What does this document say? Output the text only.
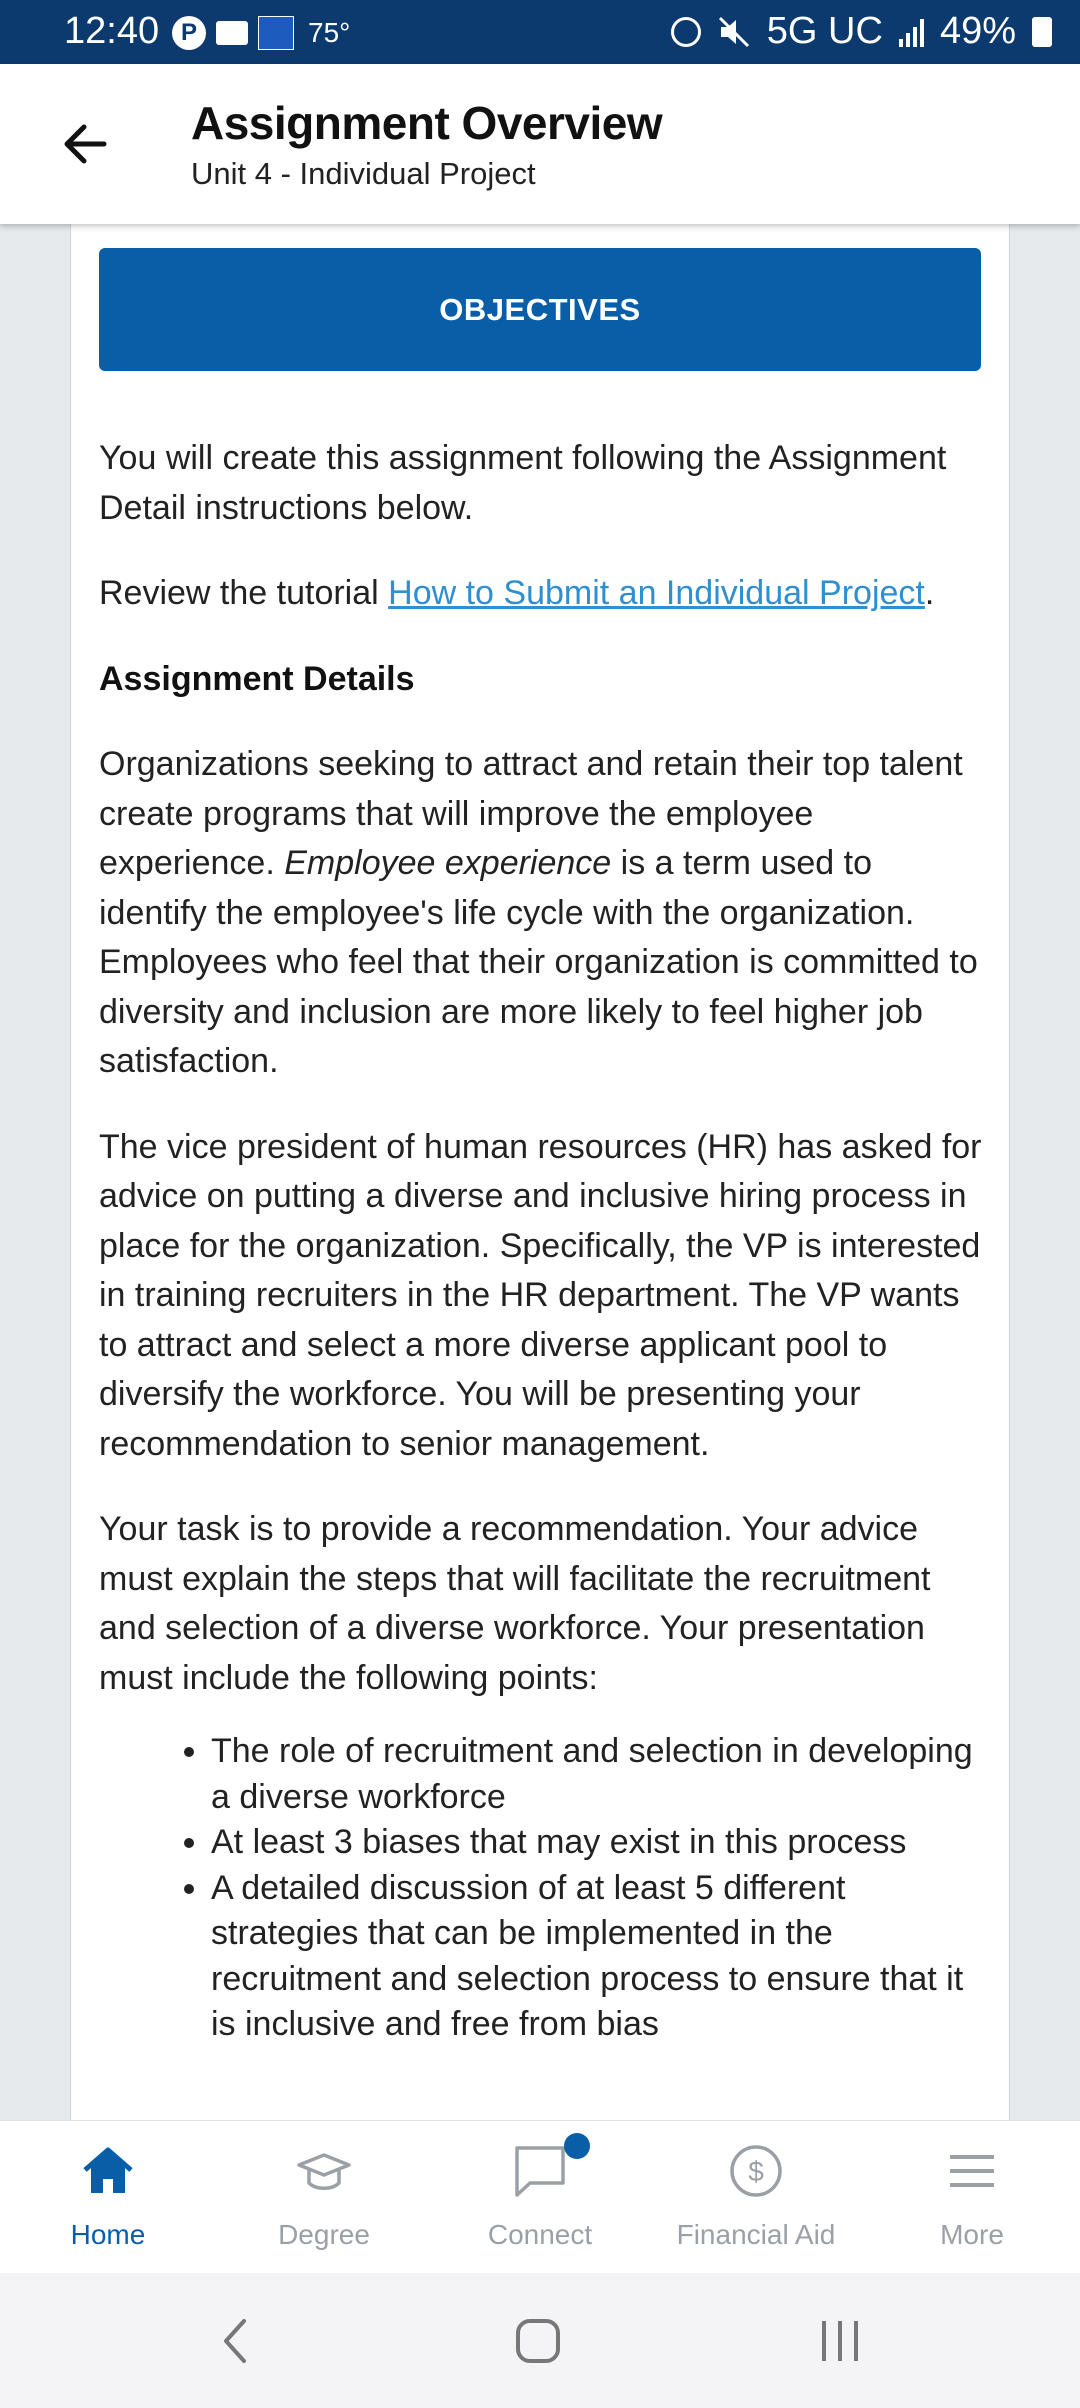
12:40 P	75°	5G UC 49%
Assignment Overview
Unit 4 - Individual Project
OBJECTIVES

You will create this assignment following the Assignment Detail instructions below.

Review the tutorial How to Submit an Individual Project.

Assignment Details

Organizations seeking to attract and retain their top talent create programs that will improve the employee experience. Employee experience is a term used to identify the employee's life cycle with the organization. Employees who feel that their organization is committed to diversity and inclusion are more likely to feel higher job satisfaction.

The vice president of human resources (HR) has asked for advice on putting a diverse and inclusive hiring process in place for the organization. Specifically, the VP is interested in training recruiters in the HR department. The VP wants to attract and select a more diverse applicant pool to diversify the workforce. You will be presenting your recommendation to senior management.

Your task is to provide a recommendation. Your advice must explain the steps that will facilitate the recruitment and selection of a diverse workforce. Your presentation must include the following points:

• The role of recruitment and selection in developing a diverse workforce
• At least 3 biases that may exist in this process
• A detailed discussion of at least 5 different strategies that can be implemented in the recruitment and selection process to ensure that it is inclusive and free from bias
Home	Degree	Connect
$
Financial Aid	More
